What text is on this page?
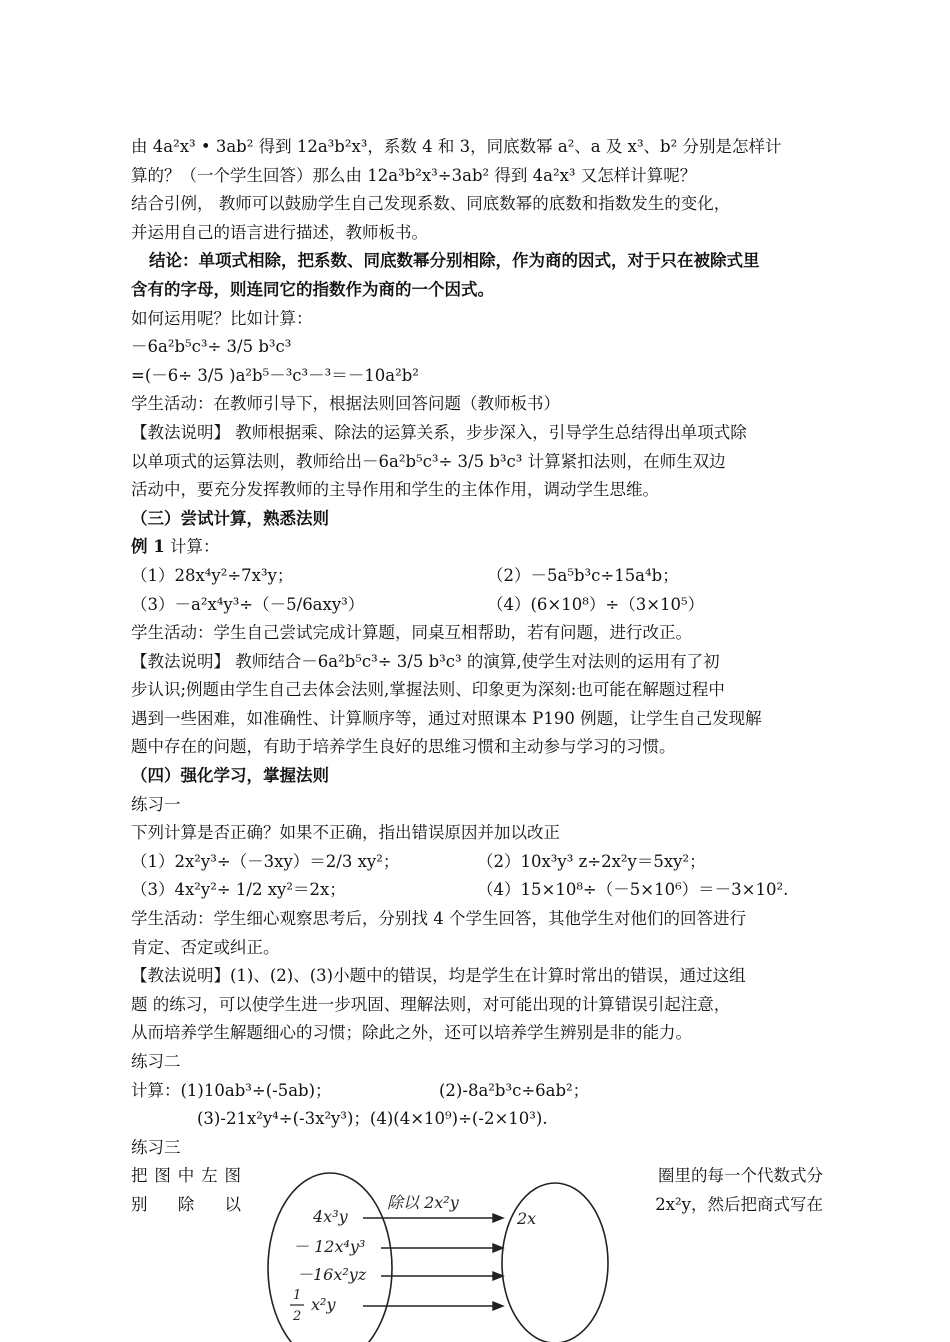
由 4a²x³ • 3ab² 得到 12a³b²x³，系数 4 和 3，同底数幂 a²、a 及 x³、b² 分别是怎样计
算的？（一个学生回答）那么由 12a³b²x³÷3ab² 得到 4a²x³ 又怎样计算呢？
结合引例， 教师可以鼓励学生自己发现系数、同底数幂的底数和指数发生的变化，
并运用自己的语言进行描述，教师板书。
结论：单项式相除，把系数、同底数幂分别相除，作为商的因式，对于只在被除式里
含有的字母，则连同它的指数作为商的一个因式。
如何运用呢？比如计算：
－6a²b⁵c³÷ 3/5 b³c³
=(－6÷ 3/5 )a²b⁵－³c³－³＝－10a²b²
学生活动：在教师引导下，根据法则回答问题（教师板书）
【教法说明】 教师根据乘、除法的运算关系，步步深入，引导学生总结得出单项式除
以单项式的运算法则，教师给出－6a²b⁵c³÷ 3/5 b³c³ 计算紧扣法则，在师生双边
活动中，要充分发挥教师的主导作用和学生的主体作用，调动学生思维。
（三）尝试计算，熟悉法则
例 1 计算：
（1）28x⁴y²÷7x³y；	（2）－5a⁵b³c÷15a⁴b；
（3）－a²x⁴y³÷（－5/6axy³）	（4）(6×10⁸）÷（3×10⁵）
学生活动：学生自己尝试完成计算题，同桌互相帮助，若有问题，进行改正。
【教法说明】 教师结合－6a²b⁵c³÷ 3/5 b³c³ 的演算,使学生对法则的运用有了初
步认识;例题由学生自己去体会法则,掌握法则、印象更为深刻:也可能在解题过程中
遇到一些困难，如准确性、计算顺序等，通过对照课本 P190 例题，让学生自己发现解
题中存在的问题，有助于培养学生良好的思维习惯和主动参与学习的习惯。
（四）强化学习，掌握法则
练习一
下列计算是否正确？如果不正确，指出错误原因并加以改正
（1）2x²y³÷（－3xy）＝2/3 xy²；	（2）10x³y³ z÷2x²y＝5xy²；
（3）4x²y²÷ 1/2 xy²＝2x；	（4）15×10⁸÷（－5×10⁶）＝－3×10².
学生活动：学生细心观察思考后，分别找 4 个学生回答，其他学生对他们的回答进行
肯定、否定或纠正。
【教法说明】(1)、(2)、(3)小题中的错误，均是学生在计算时常出的错误，通过这组
题 的练习，可以使学生进一步巩固、理解法则，对可能出现的计算错误引起注意，
从而培养学生解题细心的习惯；除此之外，还可以培养学生辨别是非的能力。
练习二
计算：(1)10ab³÷(-5ab)；	(2)-8a²b³c÷6ab²；
(3)-21x²y⁴÷(-3x²y³)；(4)(4×10⁹)÷(-2×10³).
练习三
把 图 中 左 图	圈里的每一个代数式分
别 除 以	2x²y，然后把商式写在
除以 2x²y
4x³y
－ 12x⁴y³
－16x²yz
1
2
x²y
2x
